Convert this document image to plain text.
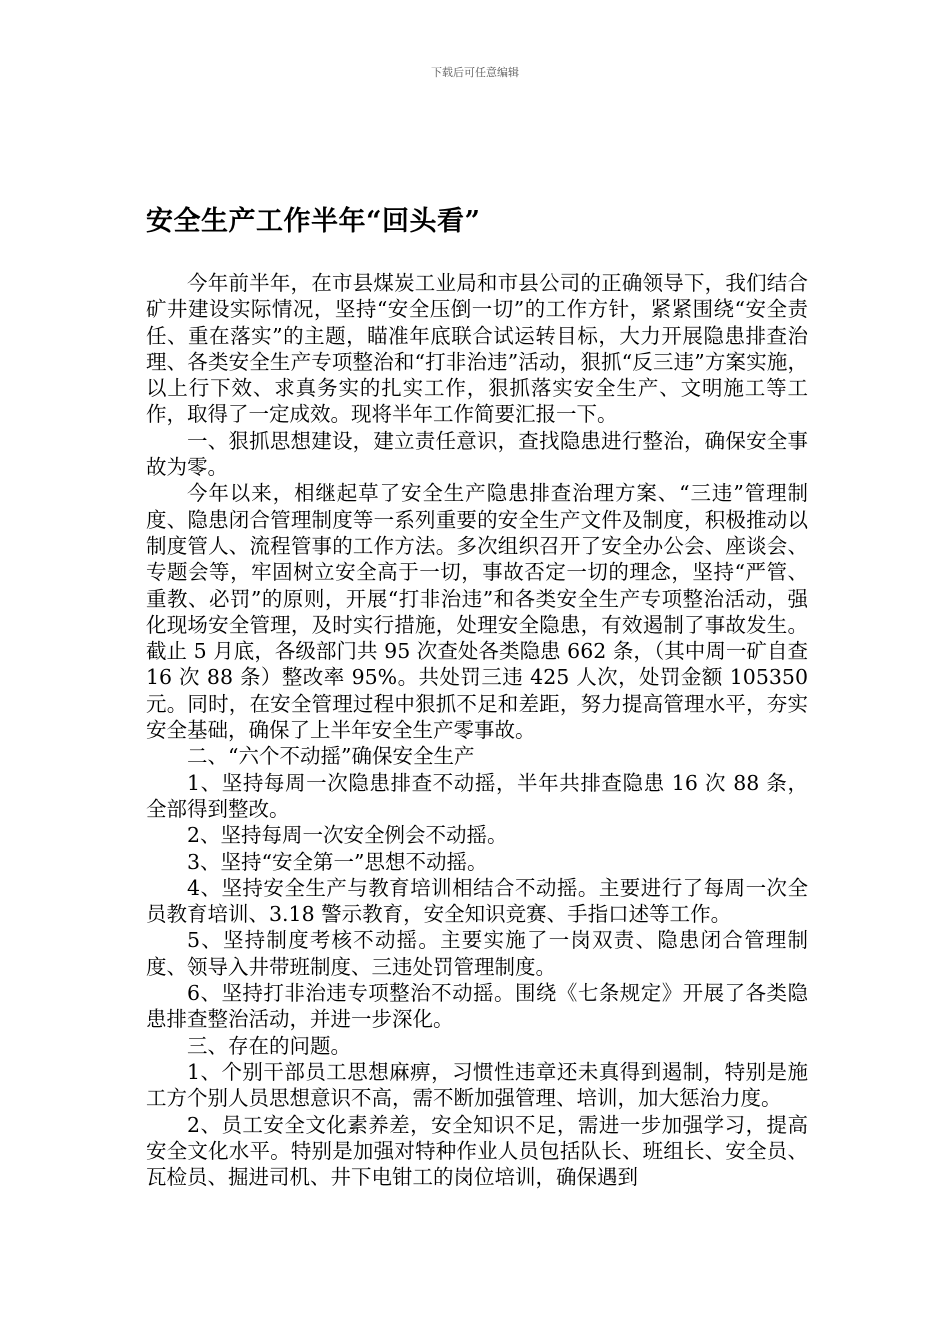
下载后可任意编辑
安全生产工作半年“回头看”

今年前半年，在市县煤炭工业局和市县公司的正确领导下，我们结合矿井建设实际情况，坚持“安全压倒一切”的工作方针，紧紧围绕“安全责任、重在落实”的主题，瞄准年底联合试运转目标，大力开展隐患排查治理、各类安全生产专项整治和“打非治违”活动，狠抓“反三违”方案实施，以上行下效、求真务实的扎实工作，狠抓落实安全生产、文明施工等工作，取得了一定成效。现将半年工作简要汇报一下。

一、狠抓思想建设，建立责任意识，查找隐患进行整治，确保安全事故为零。

今年以来，相继起草了安全生产隐患排查治理方案、“三违”管理制度、隐患闭合管理制度等一系列重要的安全生产文件及制度，积极推动以制度管人、流程管事的工作方法。多次组织召开了安全办公会、座谈会、专题会等，牢固树立安全高于一切，事故否定一切的理念，坚持“严管、重教、必罚”的原则，开展“打非治违”和各类安全生产专项整治活动，强化现场安全管理，及时实行措施，处理安全隐患，有效遏制了事故发生。截止 5 月底，各级部门共 95 次查处各类隐患 662 条，（其中周一矿自查 16 次 88 条）整改率 95%。共处罚三违 425 人次，处罚金额 105350 元。同时，在安全管理过程中狠抓不足和差距，努力提高管理水平，夯实安全基础，确保了上半年安全生产零事故。

二、“六个不动摇”确保安全生产

1、坚持每周一次隐患排查不动摇，半年共排查隐患 16 次 88 条，全部得到整改。

2、坚持每周一次安全例会不动摇。

3、坚持“安全第一”思想不动摇。

4、坚持安全生产与教育培训相结合不动摇。主要进行了每周一次全员教育培训、3.18 警示教育，安全知识竞赛、手指口述等工作。

5、坚持制度考核不动摇。主要实施了一岗双责、隐患闭合管理制度、领导入井带班制度、三违处罚管理制度。

6、坚持打非治违专项整治不动摇。围绕《七条规定》开展了各类隐患排查整治活动，并进一步深化。

三、存在的问题。

1、个别干部员工思想麻痹，习惯性违章还未真得到遏制，特别是施工方个别人员思想意识不高，需不断加强管理、培训，加大惩治力度。

2、员工安全文化素养差，安全知识不足，需进一步加强学习，提高安全文化水平。特别是加强对特种作业人员包括队长、班组长、安全员、瓦检员、掘进司机、井下电钳工的岗位培训，确保遇到
